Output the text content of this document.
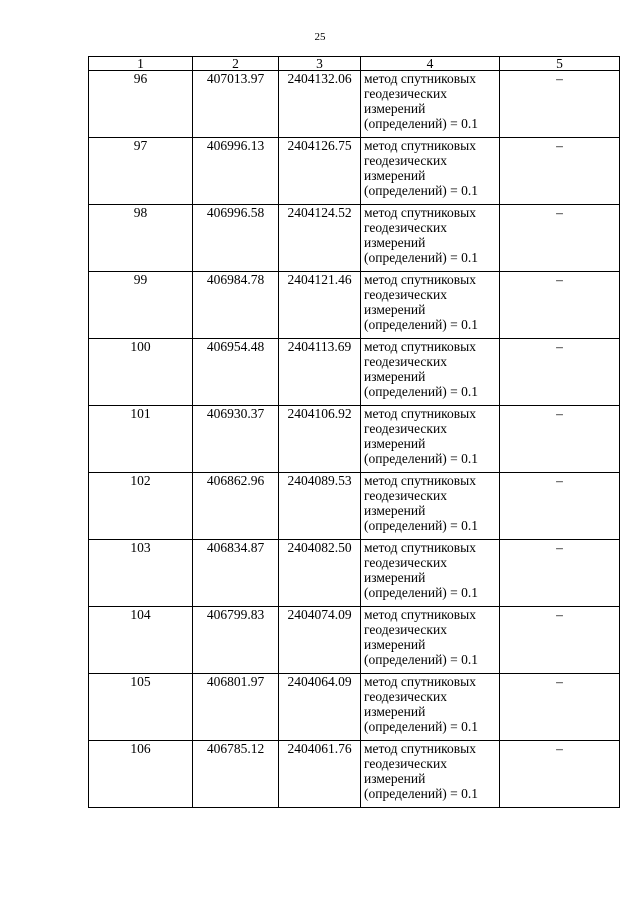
25
1	2	3	4	5
96	407013.97	2404132.06	метод спутниковых
геодезических
измерений
(определений) = 0.1	–
97	406996.13	2404126.75	метод спутниковых
геодезических
измерений
(определений) = 0.1	–
98	406996.58	2404124.52	метод спутниковых
геодезических
измерений
(определений) = 0.1	–
99	406984.78	2404121.46	метод спутниковых
геодезических
измерений
(определений) = 0.1	–
100	406954.48	2404113.69	метод спутниковых
геодезических
измерений
(определений) = 0.1	–
101	406930.37	2404106.92	метод спутниковых
геодезических
измерений
(определений) = 0.1	–
102	406862.96	2404089.53	метод спутниковых
геодезических
измерений
(определений) = 0.1	–
103	406834.87	2404082.50	метод спутниковых
геодезических
измерений
(определений) = 0.1	–
104	406799.83	2404074.09	метод спутниковых
геодезических
измерений
(определений) = 0.1	–
105	406801.97	2404064.09	метод спутниковых
геодезических
измерений
(определений) = 0.1	–
106	406785.12	2404061.76	метод спутниковых
геодезических
измерений
(определений) = 0.1	–
